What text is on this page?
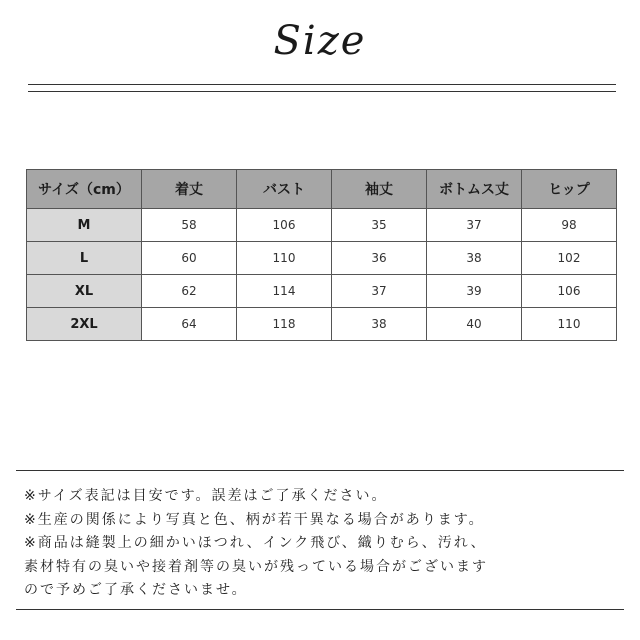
Size
サイズ（cm）	着丈	バスト	袖丈	ボトムス丈	ヒップ
M	58	106	35	37	98
L	60	110	36	38	102
XL	62	114	37	39	106
2XL	64	118	38	40	110
※サイズ表記は目安です。誤差はご了承ください。
※生産の関係により写真と色、柄が若干異なる場合があります。
※商品は縫製上の細かいほつれ、インク飛び、織りむら、汚れ、
素材特有の臭いや接着剤等の臭いが残っている場合がございます
ので予めご了承くださいませ。
